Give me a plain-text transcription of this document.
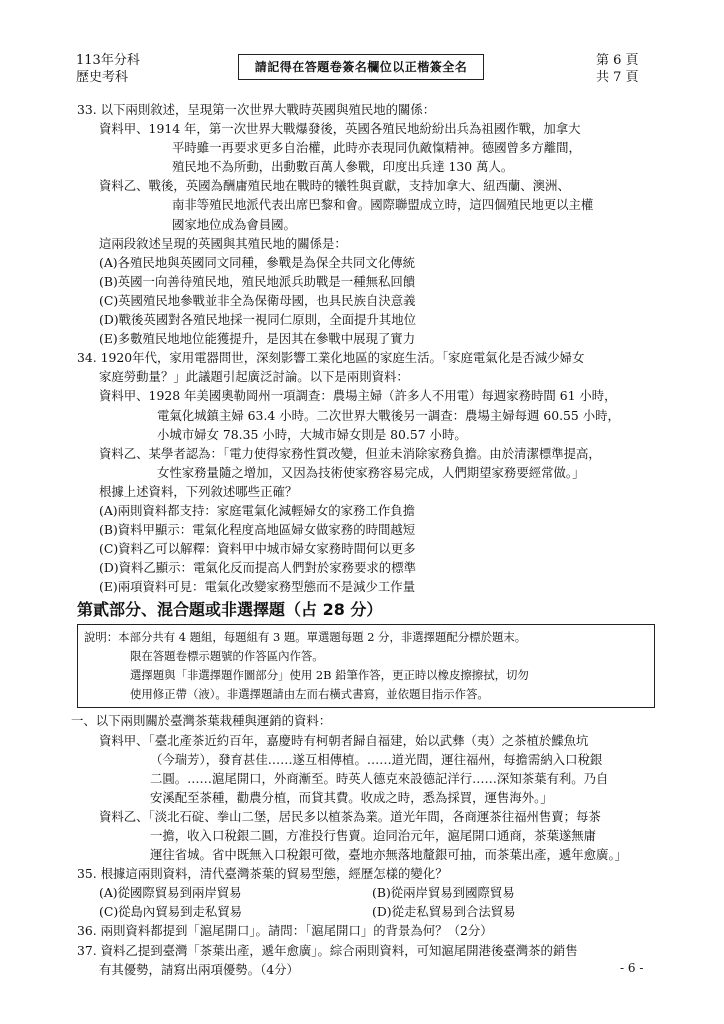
113年分科
歷史考科
請記得在答題卷簽名欄位以正楷簽全名	第 6 頁
共 7 頁
33. 以下兩則敘述，呈現第一次世界大戰時英國與殖民地的關係：
資料甲、1914 年，第一次世界大戰爆發後，英國各殖民地紛紛出兵為祖國作戰，加拿大
平時雖一再要求更多自治權，此時亦表現同仇敵愾精神。德國曾多方離間，
殖民地不為所動，出動數百萬人參戰，印度出兵達 130 萬人。
資料乙、戰後，英國為酬庸殖民地在戰時的犧牲與貢獻，支持加拿大、紐西蘭、澳洲、
南非等殖民地派代表出席巴黎和會。國際聯盟成立時，這四個殖民地更以主權
國家地位成為會員國。
這兩段敘述呈現的英國與其殖民地的關係是：
(A)各殖民地與英國同文同種，參戰是為保全共同文化傳統
(B)英國一向善待殖民地，殖民地派兵助戰是一種無私回饋
(C)英國殖民地參戰並非全為保衛母國，也具民族自決意義
(D)戰後英國對各殖民地採一視同仁原則，全面提升其地位
(E)多數殖民地地位能獲提升，是因其在參戰中展現了實力
34. 1920年代，家用電器問世，深刻影響工業化地區的家庭生活。「家庭電氣化是否減少婦女
家庭勞動量？」此議題引起廣泛討論。以下是兩則資料：
資料甲、1928 年美國奧勒岡州一項調查：農場主婦（許多人不用電）每週家務時間 61 小時，
電氣化城鎮主婦 63.4 小時。二次世界大戰後另一調查：農場主婦每週 60.55 小時，
小城市婦女 78.35 小時，大城市婦女則是 80.57 小時。
資料乙、某學者認為：「電力使得家務性質改變，但並未消除家務負擔。由於清潔標準提高，
女性家務量隨之增加，又因為技術使家務容易完成，人們期望家務要經常做。」
根據上述資料，下列敘述哪些正確？
(A)兩則資料都支持：家庭電氣化減輕婦女的家務工作負擔
(B)資料甲顯示：電氣化程度高地區婦女做家務的時間越短
(C)資料乙可以解釋：資料甲中城市婦女家務時間何以更多
(D)資料乙顯示：電氣化反而提高人們對於家務要求的標準
(E)兩項資料可見：電氣化改變家務型態而不是減少工作量
第貳部分、混合題或非選擇題（占 28 分）
說明：本部分共有 4 題組，每題組有 3 題。單選題每題 2 分，非選擇題配分標於題末。
限在答題卷標示題號的作答區內作答。
選擇題與「非選擇題作圖部分」使用 2B 鉛筆作答，更正時以橡皮擦擦拭，切勿
使用修正帶（液）。非選擇題請由左而右橫式書寫，並依題目指示作答。
一、以下兩則關於臺灣茶葉栽種與運銷的資料：
資料甲、「臺北產茶近約百年，嘉慶時有柯朝者歸自福建，始以武彝（夷）之茶植於鰈魚坑
（今瑞芳），發育甚佳……遂互相傳植。……道光間，運往福州，每擔需納入口稅銀
二圓。……滬尾開口，外商漸至。時英人德克來設德記洋行……深知茶葉有利。乃自
安溪配至茶種，勸農分植，而貸其費。收成之時，悉為採買，運售海外。」
資料乙、「淡北石碇、拳山二堡，居民多以植茶為業。道光年間，各商運茶往福州售賣；每茶
一擔，收入口稅銀二圓，方准投行售賣。迨同治元年，滬尾開口通商，茶葉遂無庸
運往省城。省中既無入口稅銀可徵，臺地亦無落地釐銀可抽，而茶葉出產，遞年愈廣。」
35. 根據這兩則資料，清代臺灣茶葉的貿易型態，經歷怎樣的變化？
(A)從國際貿易到兩岸貿易	(B)從兩岸貿易到國際貿易
(C)從島內貿易到走私貿易	(D)從走私貿易到合法貿易
36. 兩則資料都提到「滬尾開口」。請問：「滬尾開口」的背景為何？（2分）
37. 資料乙提到臺灣「茶葉出產，遞年愈廣」。綜合兩則資料，可知滬尾開港後臺灣茶的銷售
有其優勢，請寫出兩項優勢。（4分）	- 6 -
